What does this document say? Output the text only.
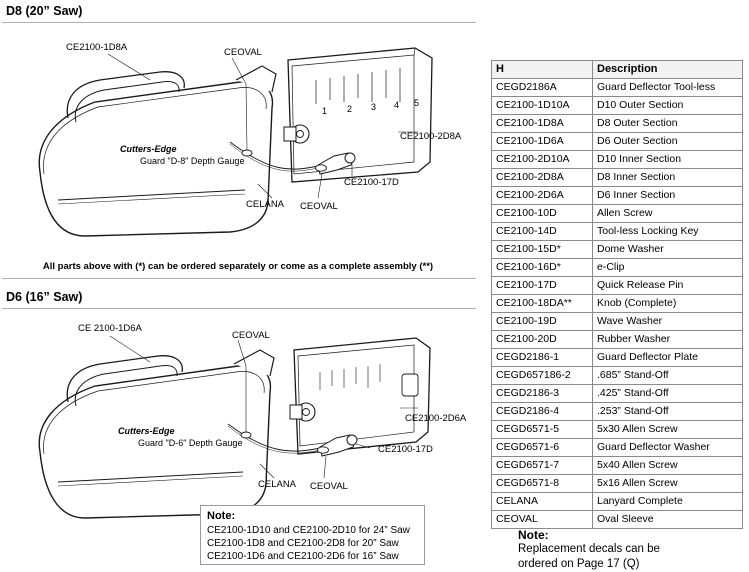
D8 (20” Saw)
Cutters-Edge
Guard "D-8" Depth Gauge
1 2 3 4 5
CE2100-1D8A	CEOVAL
CE2100-2D8A
CE2100-17D
CELANA CEOVAL
All parts above with (*) can be ordered separately or come as a complete assembly (**)
D6 (16” Saw)
Cutters-Edge
Guard "D-6" Depth Gauge
CE 2100-1D6A
CEOVAL
CE2100-2D6A
CE2100-17D
CELANA CEOVAL
Note:
CE2100-1D10 and CE2100-2D10 for 24” Saw
CE2100-1D8 and CE2100-2D8 for 20” Saw
CE2100-1D6 and CE2100-2D6 for 16” Saw
H	Description
CEGD2186A	Guard Deflector Tool-less
CE2100-1D10A	D10 Outer Section
CE2100-1D8A	D8 Outer Section
CE2100-1D6A	D6 Outer Section
CE2100-2D10A	D10 Inner Section
CE2100-2D8A	D8 Inner Section
CE2100-2D6A	D6 Inner Section
CE2100-10D	Allen Screw
CE2100-14D	Tool-less Locking Key
CE2100-15D*	Dome Washer
CE2100-16D*	e-Clip
CE2100-17D	Quick Release Pin
CE2100-18DA**	Knob (Complete)
CE2100-19D	Wave Washer
CE2100-20D	Rubber Washer
CEGD2186-1	Guard Deflector Plate
CEGD657186-2	.685” Stand-Off
CEGD2186-3	.425” Stand-Off
CEGD2186-4	.253” Stand-Off
CEGD6571-5	5x30 Allen Screw
CEGD6571-6	Guard Deflector Washer
CEGD6571-7	5x40 Allen Screw
CEGD6571-8	5x16 Allen Screw
CELANA	Lanyard Complete
CEOVAL	Oval Sleeve
Note:
Replacement decals can be
ordered on Page 17 (Q)
